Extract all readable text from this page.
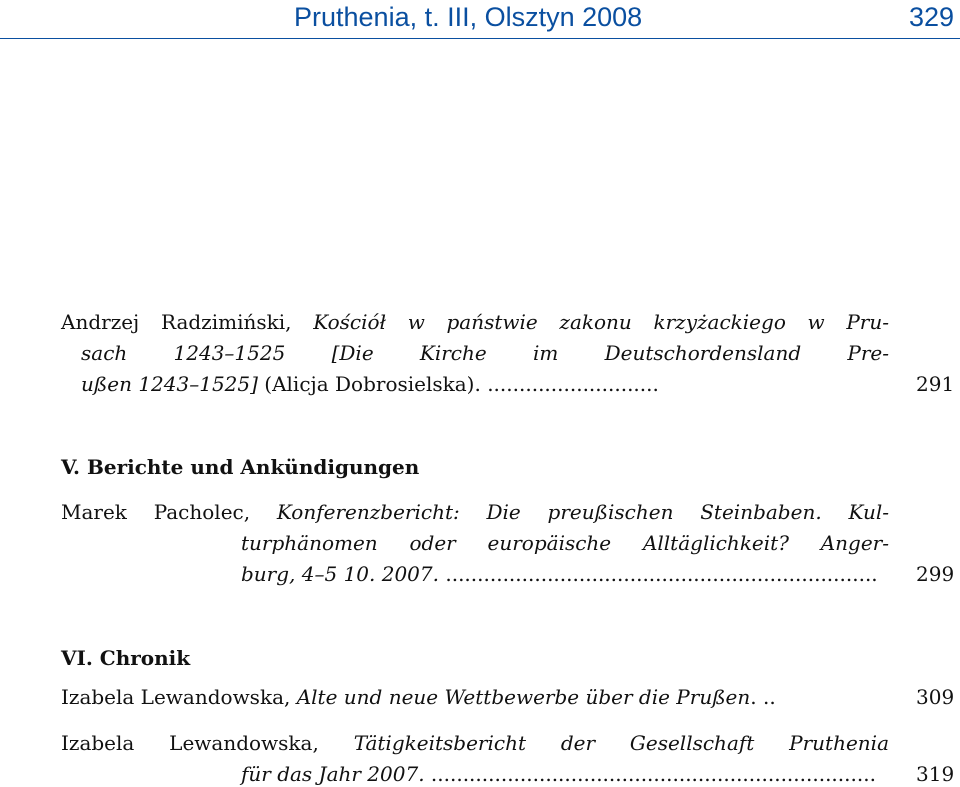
Pruthenia, t. III, Olsztyn 2008	329
Andrzej Radzimiński, Kościół w państwie zakonu krzyżackiego w Pru-
sach 1243–1525 [Die Kirche im Deutschordensland Pre-
ußen 1243–1525] (Alicja Dobrosielska). ...........................	291
V. Berichte und Ankündigungen
Marek Pacholec, Konferenzbericht: Die preußischen Steinbaben. Kul-
turphänomen oder europäische Alltäglichkeit? Anger-
burg, 4–5 10. 2007. .................................................................... 299
VI. Chronik
Izabela Lewandowska, Alte und neue Wettbewerbe über die Prußen. ..	309
Izabela Lewandowska, Tätigkeitsbericht der Gesellschaft Pruthenia
für das Jahr 2007. ...................................................................... 319
